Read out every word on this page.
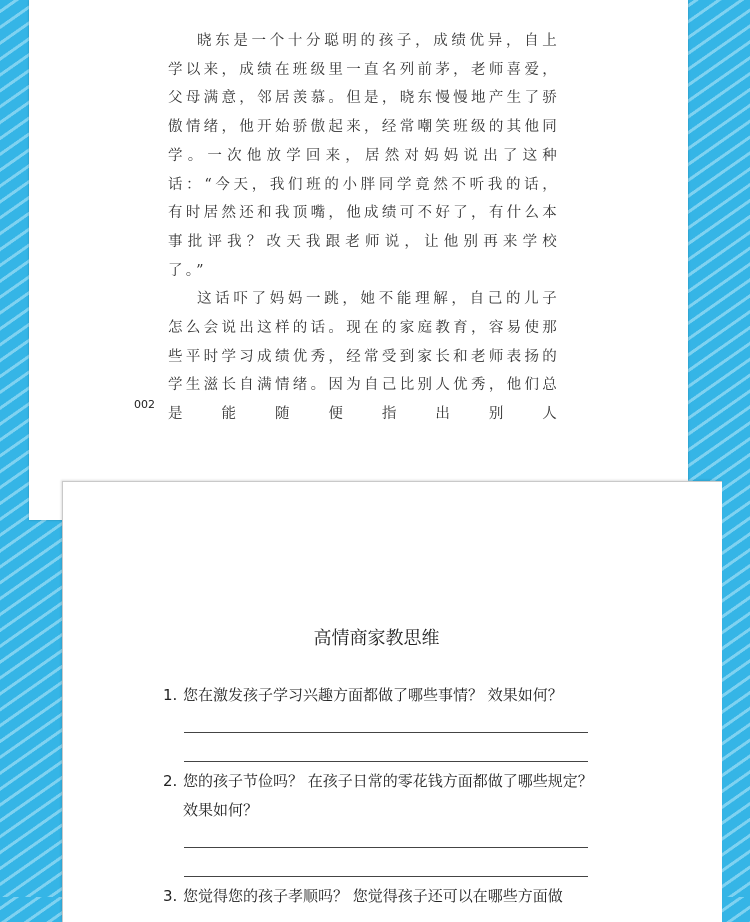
晓东是一个十分聪明的孩子，成绩优异，自上学以来，成绩在班级里一直名列前茅，老师喜爱，父母满意，邻居羡慕。但是，晓东慢慢地产生了骄傲情绪，他开始骄傲起来，经常嘲笑班级的其他同学。一次他放学回来，居然对妈妈说出了这种话：“今天，我们班的小胖同学竟然不听我的话，有时居然还和我顶嘴，他成绩可不好了，有什么本事批评我？改天我跟老师说，让他别再来学校了。”

这话吓了妈妈一跳，她不能理解，自己的儿子怎么会说出这样的话。现在的家庭教育，容易使那些平时学习成绩优秀，经常受到家长和老师表扬的学生滋长自满情绪。因为自己比别人优秀，他们总是能随便指出别人

002
高情商家教思维
1. 您在激发孩子学习兴趣方面都做了哪些事情？ 效果如何？
2. 您的孩子节俭吗？ 在孩子日常的零花钱方面都做了哪些规定？ 效果如何？
3. 您觉得您的孩子孝顺吗？ 您觉得孩子还可以在哪些方面做
